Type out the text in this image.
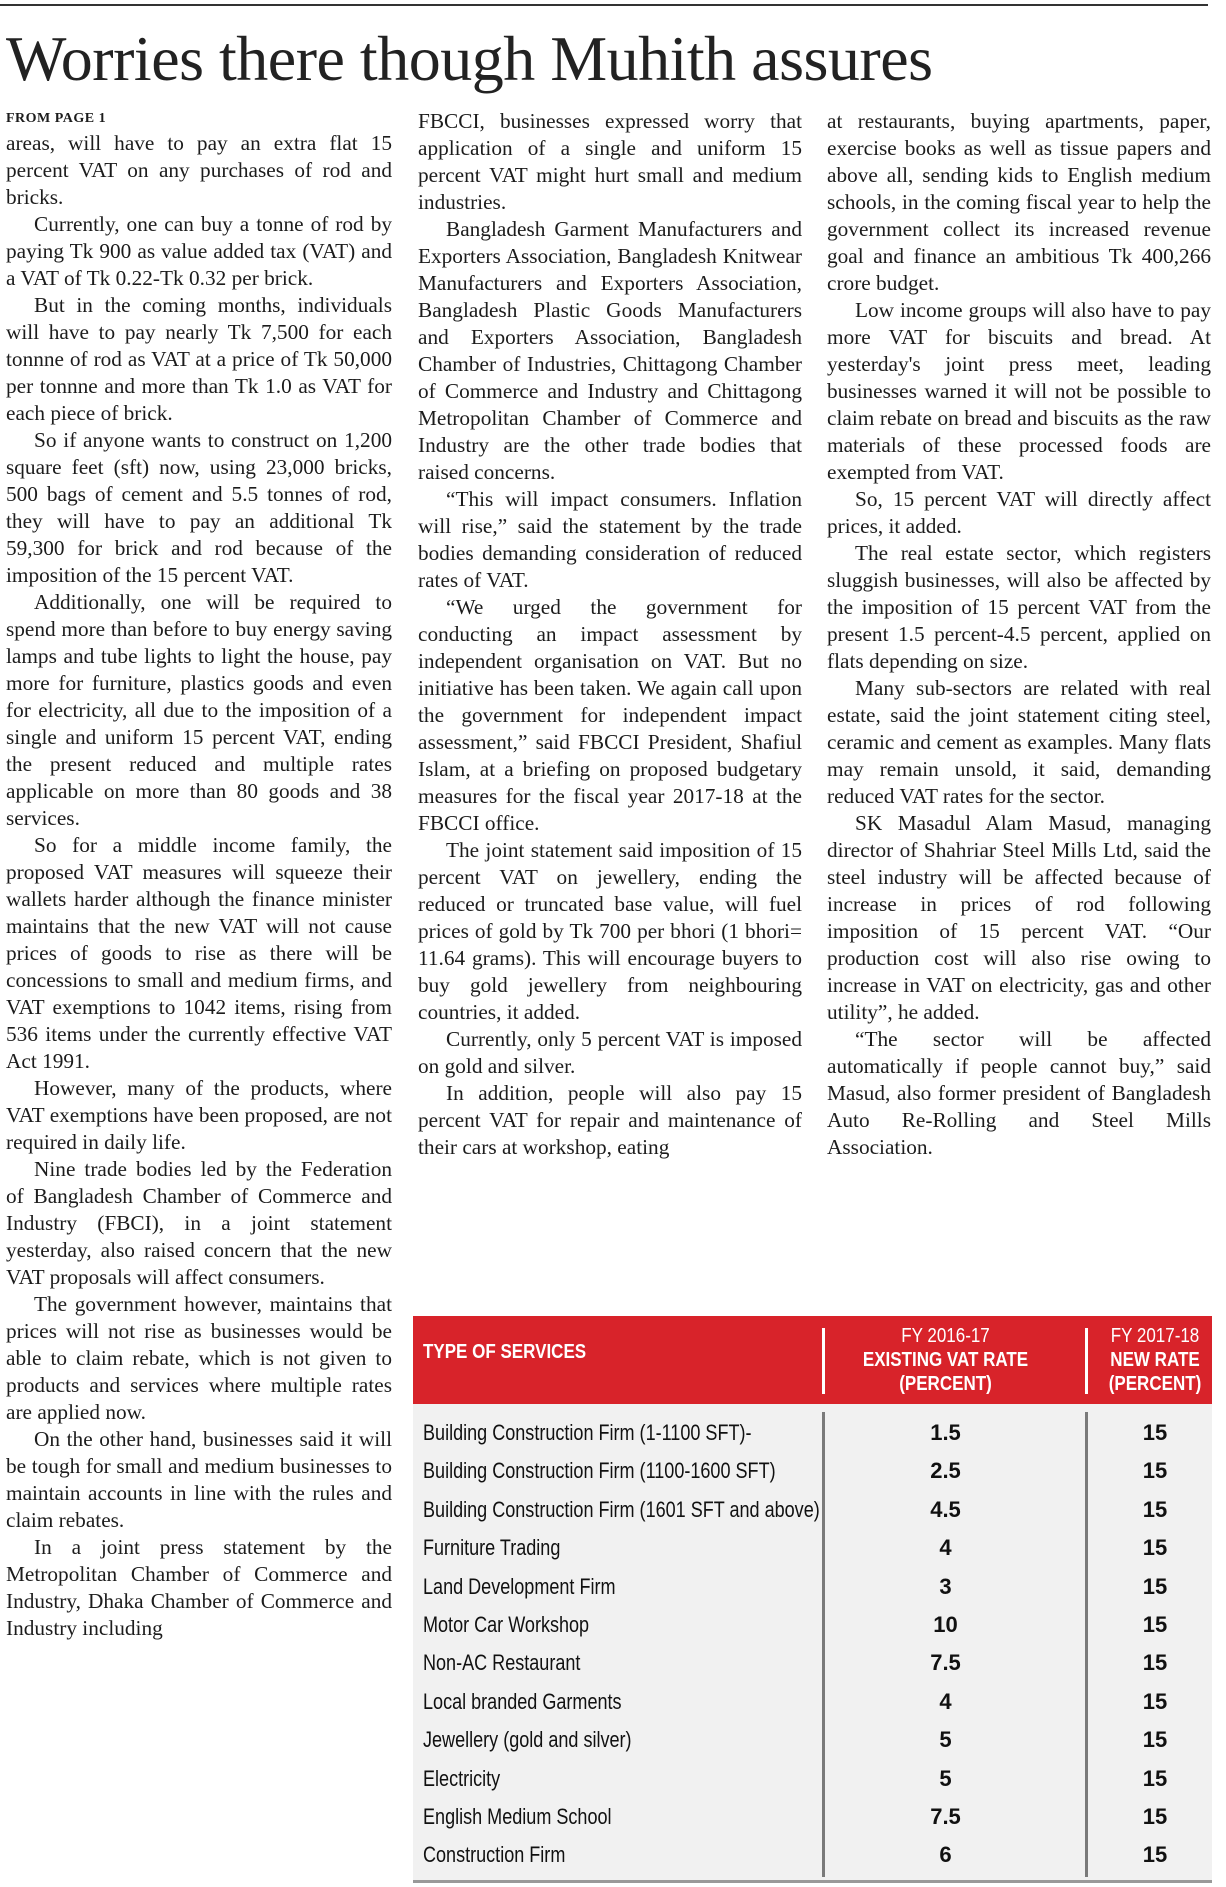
Worries there though Muhith assures
FROM PAGE 1

areas, will have to pay an extra flat 15 percent VAT on any purchases of rod and bricks.

Currently, one can buy a tonne of rod by paying Tk 900 as value added tax (VAT) and a VAT of Tk 0.22-Tk 0.32 per brick.

But in the coming months, individuals will have to pay nearly Tk 7,500 for each tonnne of rod as VAT at a price of Tk 50,000 per tonnne and more than Tk 1.0 as VAT for each piece of brick.

So if anyone wants to construct on 1,200 square feet (sft) now, using 23,000 bricks, 500 bags of cement and 5.5 tonnes of rod, they will have to pay an additional Tk 59,300 for brick and rod because of the imposition of the 15 percent VAT.

Additionally, one will be required to spend more than before to buy energy saving lamps and tube lights to light the house, pay more for furniture, plastics goods and even for electricity, all due to the imposition of a single and uniform 15 percent VAT, ending the present reduced and multiple rates applicable on more than 80 goods and 38 services.

So for a middle income family, the proposed VAT measures will squeeze their wallets harder although the finance minister maintains that the new VAT will not cause prices of goods to rise as there will be concessions to small and medium firms, and VAT exemptions to 1042 items, rising from 536 items under the currently effective VAT Act 1991.

However, many of the products, where VAT exemptions have been proposed, are not required in daily life.

Nine trade bodies led by the Federation of Bangladesh Chamber of Commerce and Industry (FBCI), in a joint statement yesterday, also raised concern that the new VAT proposals will affect consumers.

The government however, maintains that prices will not rise as businesses would be able to claim rebate, which is not given to products and services where multiple rates are applied now.

On the other hand, businesses said it will be tough for small and medium businesses to maintain accounts in line with the rules and claim rebates.

In a joint press statement by the Metropolitan Chamber of Commerce and Industry, Dhaka Chamber of Commerce and Industry including

FBCCI, businesses expressed worry that application of a single and uniform 15 percent VAT might hurt small and medium industries.

Bangladesh Garment Manufacturers and Exporters Association, Bangladesh Knitwear Manufacturers and Exporters Association, Bangladesh Plastic Goods Manufacturers and Exporters Association, Bangladesh Chamber of Industries, Chittagong Chamber of Commerce and Industry and Chittagong Metropolitan Chamber of Commerce and Industry are the other trade bodies that raised concerns.

“This will impact consumers. Inflation will rise,” said the statement by the trade bodies demanding consideration of reduced rates of VAT.

“We urged the government for conducting an impact assessment by independent organisation on VAT. But no initiative has been taken. We again call upon the government for independent impact assessment,” said FBCCI President, Shafiul Islam, at a briefing on proposed budgetary measures for the fiscal year 2017-18 at the FBCCI office.

The joint statement said imposition of 15 percent VAT on jewellery, ending the reduced or truncated base value, will fuel prices of gold by Tk 700 per bhori (1 bhori= 11.64 grams). This will encourage buyers to buy gold jewellery from neighbouring countries, it added.

Currently, only 5 percent VAT is imposed on gold and silver.

In addition, people will also pay 15 percent VAT for repair and maintenance of their cars at workshop, eating

at restaurants, buying apartments, paper, exercise books as well as tissue papers and above all, sending kids to English medium schools, in the coming fiscal year to help the government collect its increased revenue goal and finance an ambitious Tk 400,266 crore budget.

Low income groups will also have to pay more VAT for biscuits and bread. At yesterday's joint press meet, leading businesses warned it will not be possible to claim rebate on bread and biscuits as the raw materials of these processed foods are exempted from VAT.

So, 15 percent VAT will directly affect prices, it added.

The real estate sector, which registers sluggish businesses, will also be affected by the imposition of 15 percent VAT from the present 1.5 percent-4.5 percent, applied on flats depending on size.

Many sub-sectors are related with real estate, said the joint statement citing steel, ceramic and cement as examples. Many flats may remain unsold, it said, demanding reduced VAT rates for the sector.

SK Masadul Alam Masud, managing director of Shahriar Steel Mills Ltd, said the steel industry will be affected because of increase in prices of rod following imposition of 15 percent VAT. “Our production cost will also rise owing to increase in VAT on electricity, gas and other utility”, he added.

“The sector will be affected automatically if people cannot buy,” said Masud, also former president of Bangladesh Auto Re-Rolling and Steel Mills Association.

TYPE OF SERVICES
FY 2016-17
EXISTING VAT RATE
(PERCENT)
FY 2017-18
NEW RATE
(PERCENT)
Building Construction Firm (1-1100 SFT)-	1.5	15
Building Construction Firm (1100-1600 SFT)	2.5	15
Building Construction Firm (1601 SFT and above)	4.5	15
Furniture Trading	4	15
Land Development Firm	3	15
Motor Car Workshop	10	15
Non-AC Restaurant	7.5	15
Local branded Garments	4	15
Jewellery (gold and silver)	5	15
Electricity	5	15
English Medium School	7.5	15
Construction Firm	6	15
